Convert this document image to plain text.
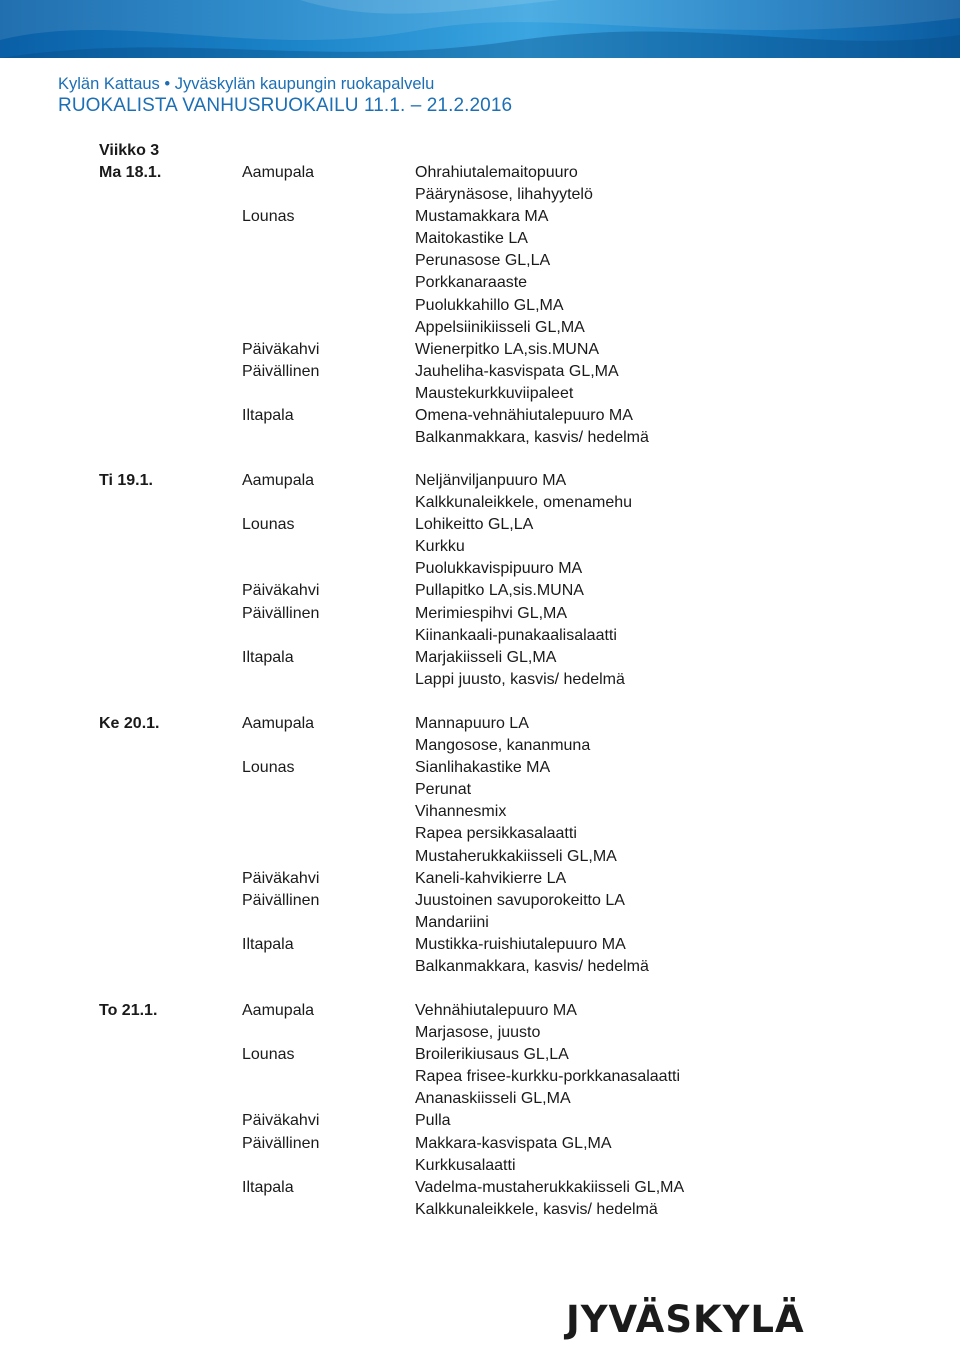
Kylän Kattaus • Jyväskylän kaupungin ruokapalvelu
RUOKALISTA VANHUSRUOKAILU 11.1. – 21.2.2016
Viikko 3
Ma 18.1.	Aamupala	Ohrahiutalemaitopuuro
Päärynäsose, lihahyytelö
Lounas	Mustamakkara MA
Maitokastike LA
Perunasose GL,LA
Porkkanaraaste
Puolukkahillo GL,MA
Appelsiinikiisseli GL,MA
Päiväkahvi	Wienerpitko LA,sis.MUNA
Päivällinen	Jauheliha-kasvispata GL,MA
Maustekurkkuviipaleet
Iltapala	Omena-vehnähiutalepuuro MA
Balkanmakkara, kasvis/ hedelmä
Ti 19.1.	Aamupala	Neljänviljanpuuro MA
Kalkkunaleikkele, omenamehu
Lounas	Lohikeitto GL,LA
Kurkku
Puolukkavispipuuro MA
Päiväkahvi	Pullapitko LA,sis.MUNA
Päivällinen	Merimiespihvi GL,MA
Kiinankaali-punakaalisalaatti
Iltapala	Marjakiisseli GL,MA
Lappi juusto, kasvis/ hedelmä
Ke 20.1.	Aamupala	Mannapuuro LA
Mangosose, kananmuna
Lounas	Sianlihakastike MA
Perunat
Vihannesmix
Rapea persikkasalaatti
Mustaherukkakiisseli GL,MA
Päiväkahvi	Kaneli-kahvikierre LA
Päivällinen	Juustoinen savuporokeitto LA
Mandariini
Iltapala	Mustikka-ruishiutalepuuro MA
Balkanmakkara, kasvis/ hedelmä
To 21.1.	Aamupala	Vehnähiutalepuuro MA
Marjasose, juusto
Lounas	Broilerikiusaus GL,LA
Rapea frisee-kurkku-porkkanasalaatti
Ananaskiisseli GL,MA
Päiväkahvi	Pulla
Päivällinen	Makkara-kasvispata GL,MA
Kurkkusalaatti
Iltapala	Vadelma-mustaherukkakiisseli GL,MA
Kalkkunaleikkele, kasvis/ hedelmä
JYVÄSKYLÄ
